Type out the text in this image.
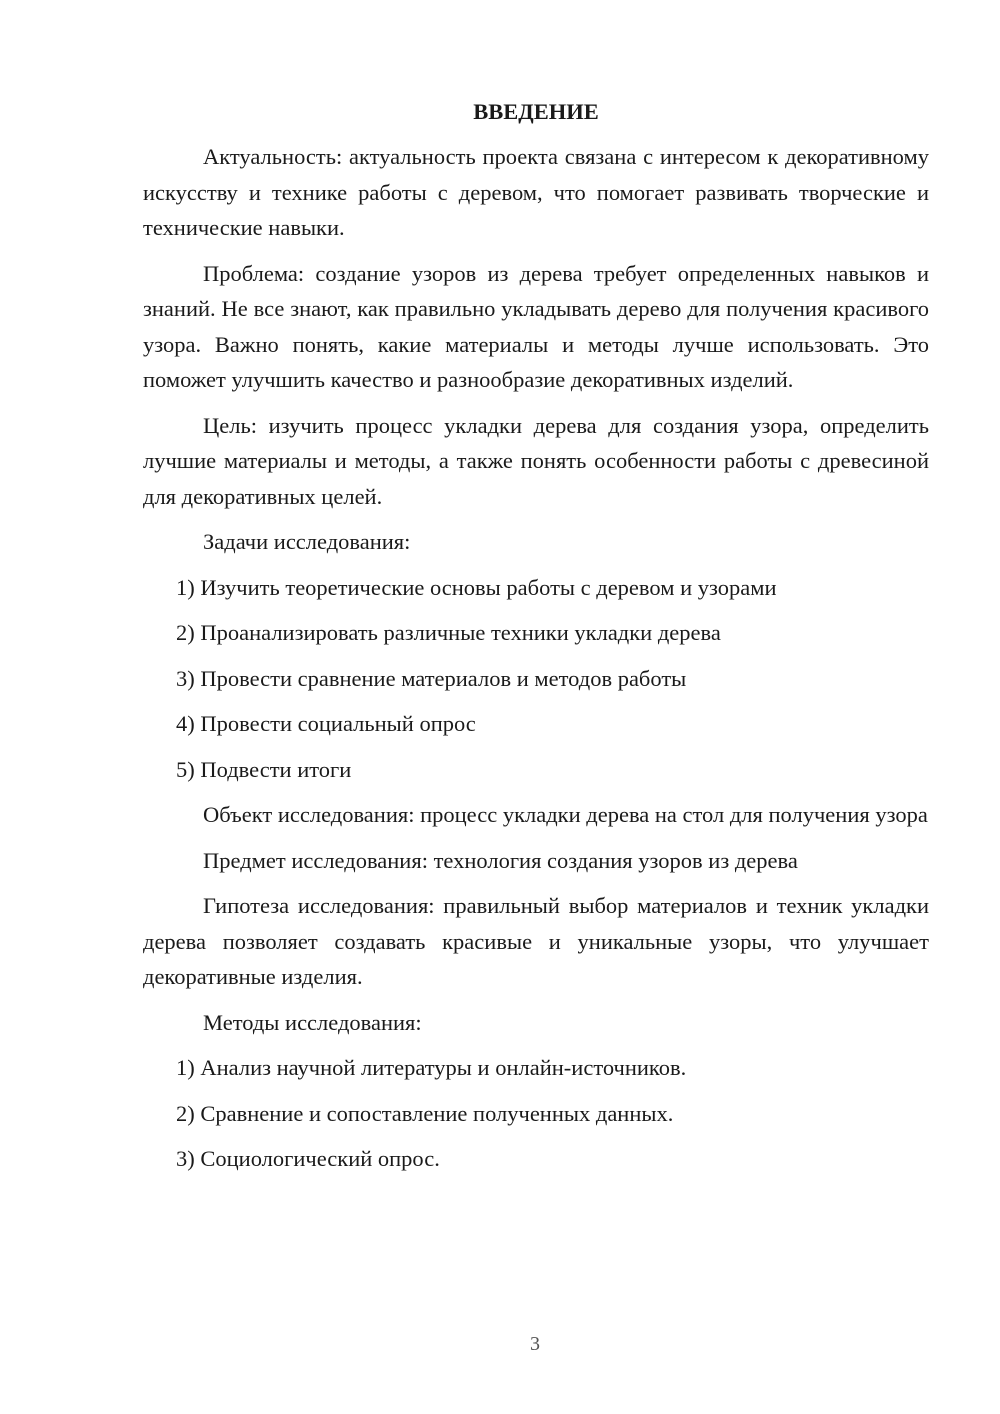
ВВЕДЕНИЕ

Актуальность: актуальность проекта связана с интересом к декоративному искусству и технике работы с деревом, что помогает развивать творческие и технические навыки.

Проблема: создание узоров из дерева требует определенных навыков и знаний. Не все знают, как правильно укладывать дерево для получения красивого узора. Важно понять, какие материалы и методы лучше использовать. Это поможет улучшить качество и разнообразие декоративных изделий.

Цель: изучить процесс укладки дерева для создания узора, определить лучшие материалы и методы, а также понять особенности работы с древесиной для декоративных целей.

Задачи исследования:

1) Изучить теоретические основы работы с деревом и узорами
2) Проанализировать различные техники укладки дерева
3) Провести сравнение материалов и методов работы
4) Провести социальный опрос
5) Подвести итоги

Объект исследования: процесс укладки дерева на стол для получения узора

Предмет исследования: технология создания узоров из дерева

Гипотеза исследования: правильный выбор материалов и техник укладки дерева позволяет создавать красивые и уникальные узоры, что улучшает декоративные изделия.

Методы исследования:

1) Анализ научной литературы и онлайн-источников.
2) Сравнение и сопоставление полученных данных.
3) Социологический опрос.
3
